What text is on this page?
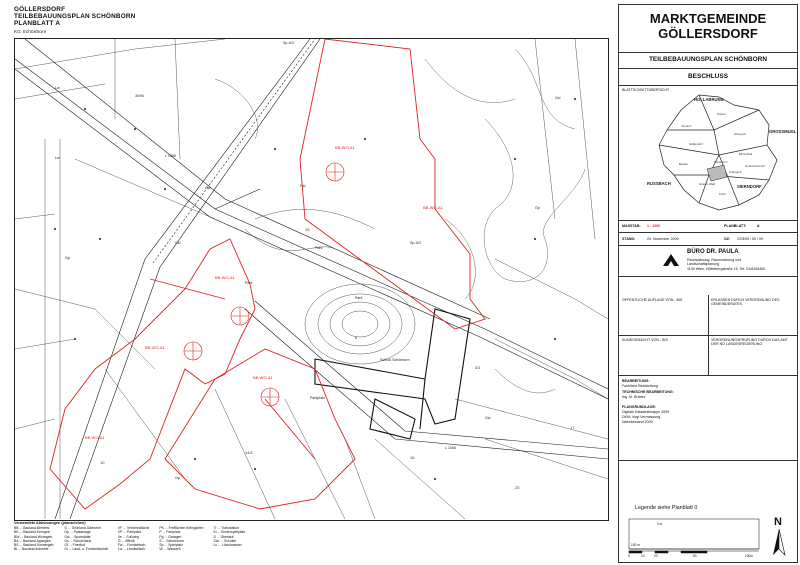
GÖLLERSDORF
TEILBEBAUUNGSPLAN SCHÖNBORN
PLANBLATT A
KG Schönborn
BB-WO-A1
BB-WO-A1
BB-WO-A1
BB-WO-A1
BB-WO-A1
BB-WO-A1
Gsl	Gsl
Gsl
Park
Park
Park
Lw
Lw
Gp
Gp
Gp
Parkplatz
Schloß Schönborn
Gsl
Gsl
Sp-ÜG
Sp-ÜG
L 1066
L 1066
3596
15
6
14/2
16
10
3/1
17
25
Verwendete Abkürzungen (planzeichen)
BB ... Bauland-Betriebs
BK ... Bauland-Kerngeb.
BW ... Bauland-Wohngeb.
BA ... Bauland-Agrargeb.
BS ... Bauland-Sondergeb.
BI ... Bauland-Industrie
G ... Grünland-Gärtnerei
Gp ... Parkanlage
Gsl ... Sportstätte
Gs ... Schutzhaus
Gf ... Friedhof
Gl ... Land- u. Forstwirtschaft
VF ... Verkehrsfläche
VP ... Parkplatz
Ve ... Fußweg
Ö ... öffentl.
Fw ... Forstwirtsch.
Lw ... Landwirtsch.
PK ... Freiflächen Kleingärten
P ... Parkplatz
Pg ... Garagen
S ... Schutzzone
Sp ... Spielplatz
W ... Wasserfl.
Tr ... Trafostation
Ki ... Kinderspielplatz
Ü ... Überlauf
Sch ... Schulen
Lu ... Löschwasser
MARKTGEMEINDE
GÖLLERSDORF
TEILBEBAUUNGSPLAN SCHÖNBORN
BESCHLUSS
BLATTSCHNITTÜBERSICHT
HOLLABRUNN
GROSSMUGL
RUSSBACH
SIERNDORF
Porrau
Göllersdorf
Schönborn
Obergrub
Bergau
Eitzersthal
Viendorf
Untergrub
Furth
Großstelzendorf
Gösser-Wald
MASSTAB: 1 : 1000	PLANBLATT:	A
STAND:	20. November 2009	GZ: GOE09 / 50 / 09
BÜRO DR. PAULA
Raumplanung, Raumordnung und
Landschaftsplanung
1140 Wien, Hüttelbergstraße 15, Tel. 01/8106460
ÖFFENTLICHE AUFLAGE VON - BIS	ERLASSEN DURCH VERORDNUNG DES GEMEINDERATES
KUNDGEMACHT VON - BIS	VERORDNUNGSPRÜFUNG DURCH DAS AMT DER NÖ LANDESREGIERUNG
BEARBEITUNG:
Fachliche Bearbeitung
TECHNISCHE BEARBEITUNG:
Ing. M. Brabec
PLANGRUNDLAGE:
Digitale Katastralmappe 2009
DKM: Vogt Vermessung
Naturbestand 2009
Legende siehe Planblatt 0
0 m
100 m
0	10	20	50	100m
N
